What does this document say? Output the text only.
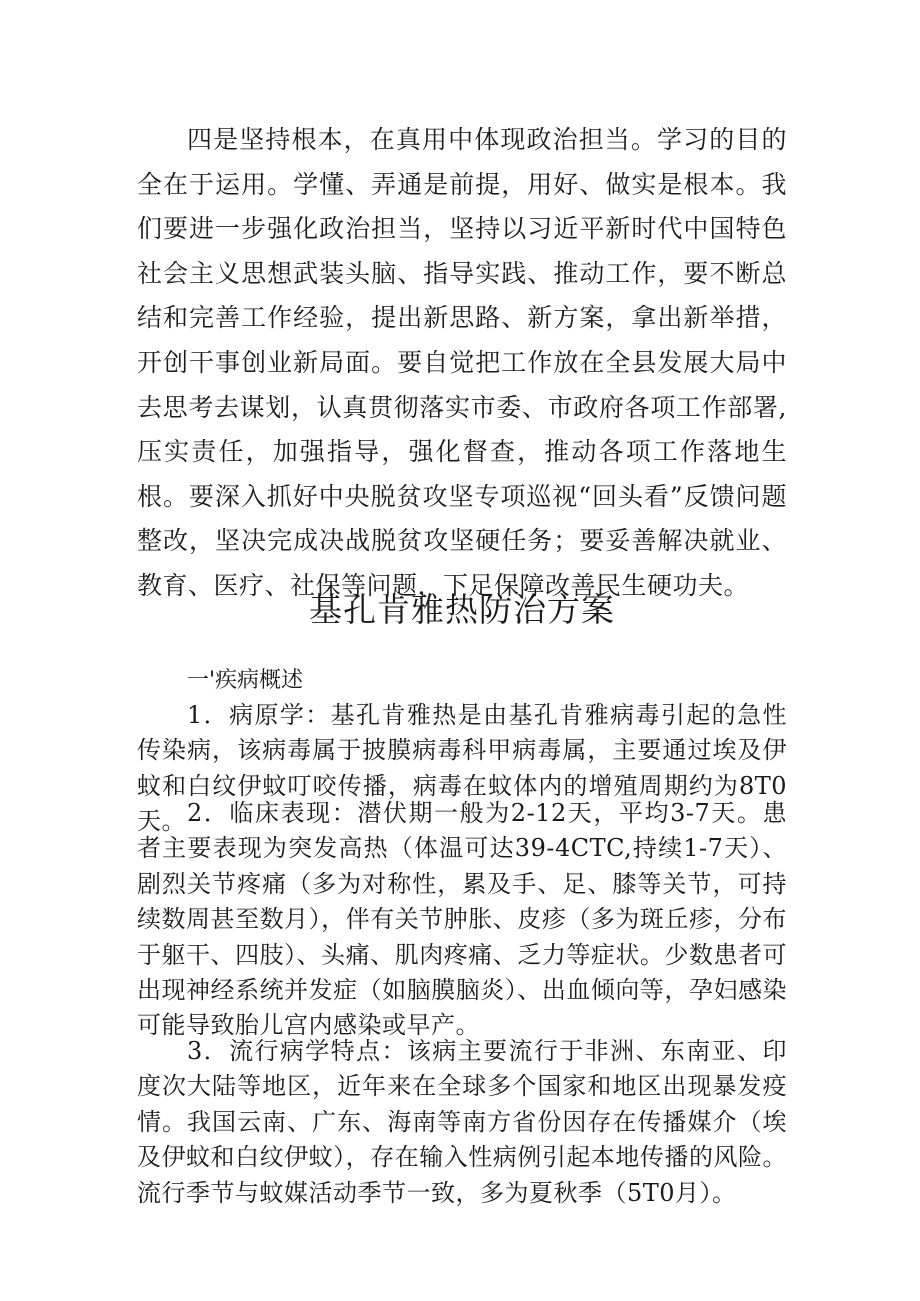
四是坚持根本，在真用中体现政治担当。学习的目的全在于运用。学懂、弄通是前提，用好、做实是根本。我们要进一步强化政治担当，坚持以习近平新时代中国特色社会主义思想武装头脑、指导实践、推动工作，要不断总结和完善工作经验，提出新思路、新方案，拿出新举措，开创干事创业新局面。要自觉把工作放在全县发展大局中去思考去谋划，认真贯彻落实市委、市政府各项工作部署,压实责任，加强指导，强化督查，推动各项工作落地生根。要深入抓好中央脱贫攻坚专项巡视“回头看”反馈问题整改，坚决完成决战脱贫攻坚硬任务；要妥善解决就业、教育、医疗、社保等问题，下足保障改善民生硬功夫。

基孔肯雅热防治方案
一'疾病概述

1．病原学：基孔肯雅热是由基孔肯雅病毒引起的急性传染病，该病毒属于披膜病毒科甲病毒属，主要通过埃及伊蚊和白纹伊蚊叮咬传播，病毒在蚊体内的增殖周期约为8T0天。 2．临床表现：潜伏期一般为2-12天，平均3-7天。患者主要表现为突发高热（体温可达39-4CTC,持续1-7天）、剧烈关节疼痛（多为对称性，累及手、足、膝等关节，可持续数周甚至数月），伴有关节肿胀、皮疹（多为斑丘疹，分布于躯干、四肢）、头痛、肌肉疼痛、乏力等症状。少数患者可出现神经系统并发症（如脑膜脑炎）、出血倾向等，孕妇感染可能导致胎儿宫内感染或早产。

3．流行病学特点：该病主要流行于非洲、东南亚、印度次大陆等地区，近年来在全球多个国家和地区出现暴发疫情。我国云南、广东、海南等南方省份因存在传播媒介（埃及伊蚊和白纹伊蚊），存在输入性病例引起本地传播的风险。流行季节与蚊媒活动季节一致，多为夏秋季（5T0月）。
